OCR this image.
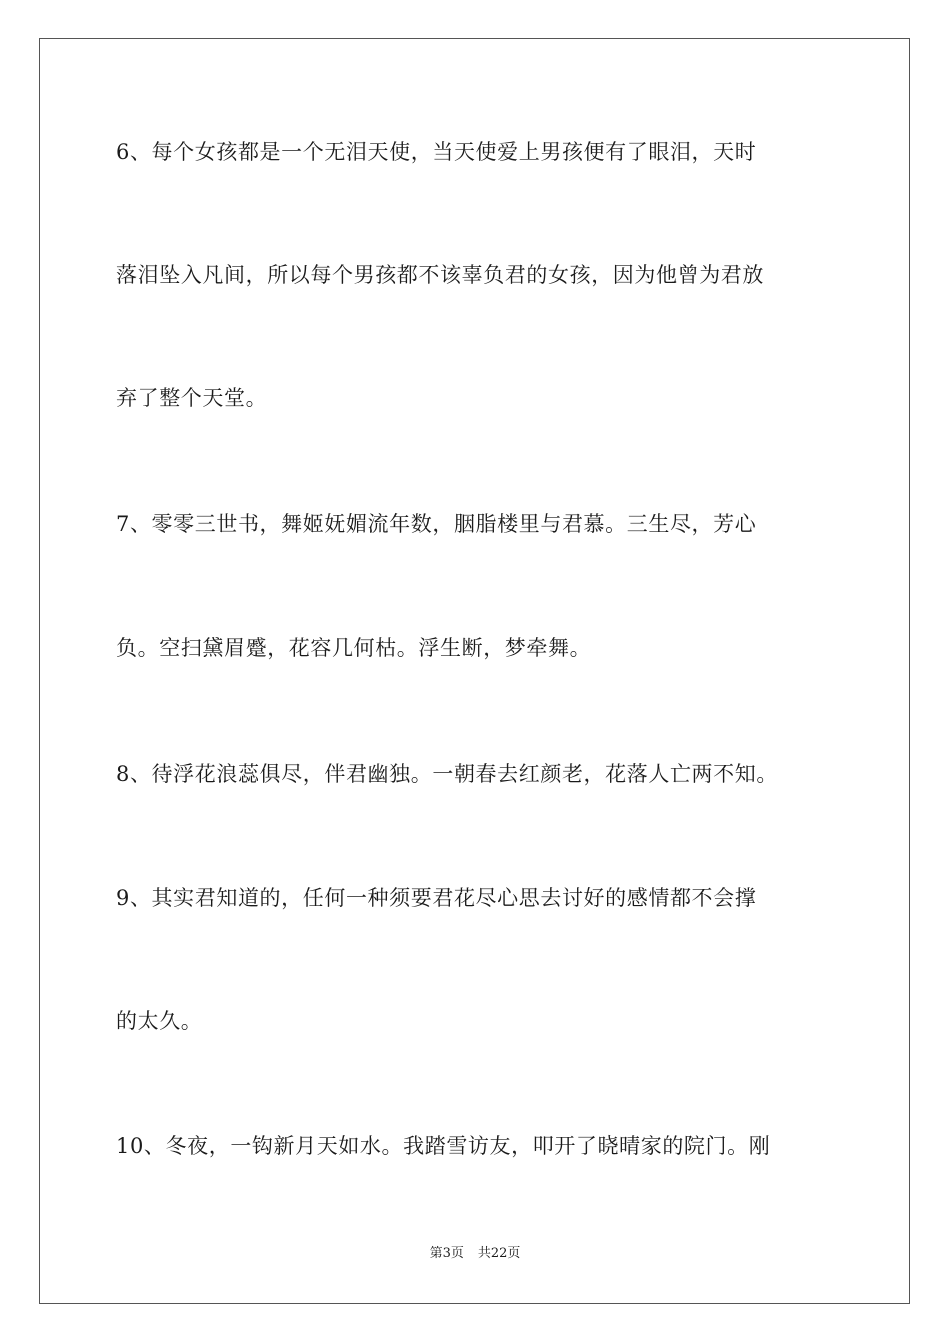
6、每个女孩都是一个无泪天使，当天使爱上男孩便有了眼泪，天时
落泪坠入凡间，所以每个男孩都不该辜负君的女孩，因为他曾为君放
弃了整个天堂。
7、零零三世书，舞姬妩媚流年数，胭脂楼里与君慕。三生尽，芳心
负。空扫黛眉蹙，花容几何枯。浮生断，梦牵舞。
8、待浮花浪蕊俱尽，伴君幽独。一朝春去红颜老，花落人亡两不知。
9、其实君知道的，任何一种须要君花尽心思去讨好的感情都不会撑
的太久。
10、冬夜，一钩新月天如水。我踏雪访友，叩开了晓晴家的院门。刚
第3页 共22页
